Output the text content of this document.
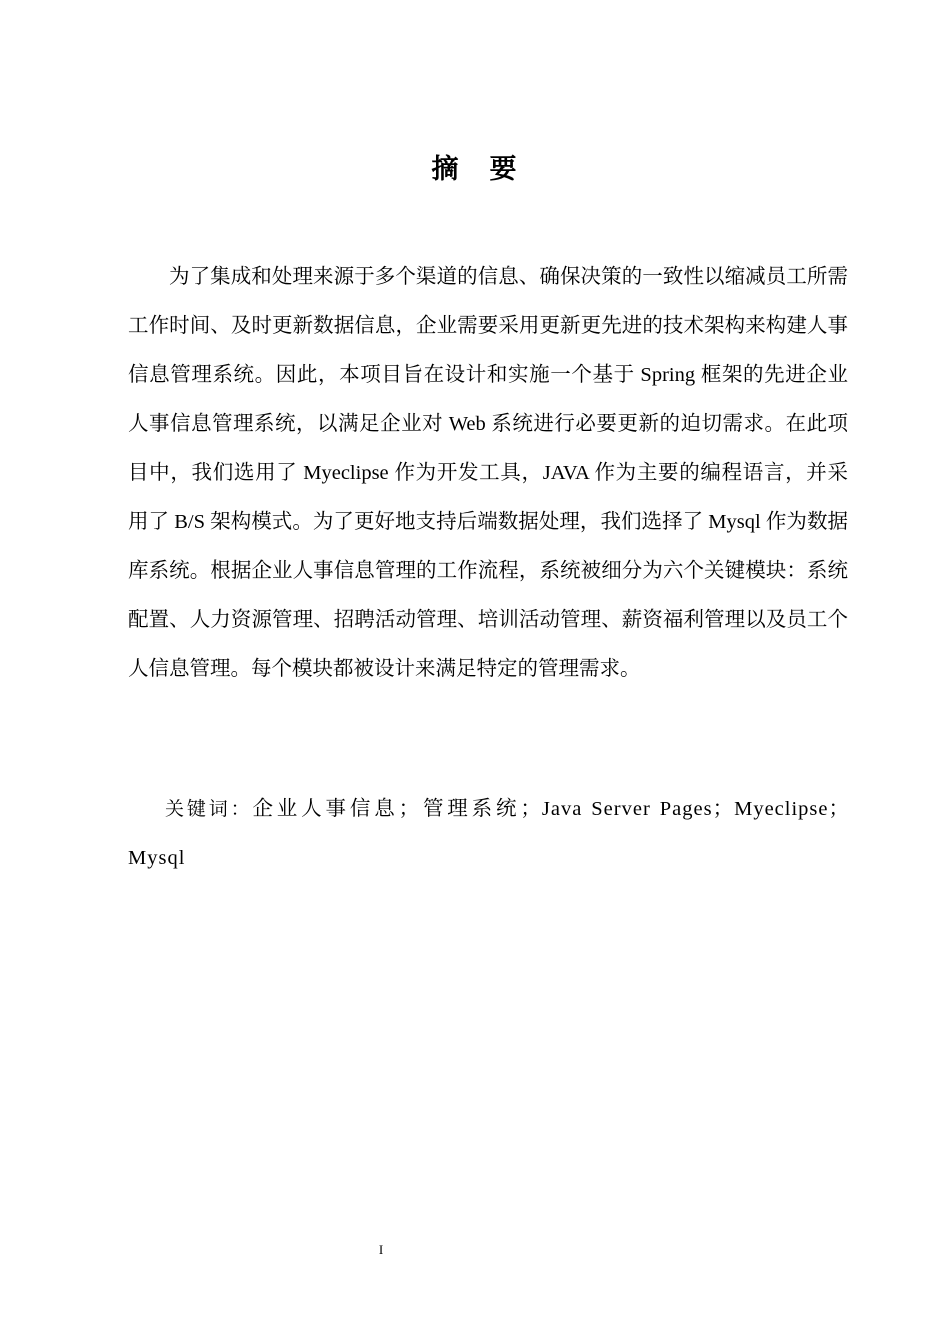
摘　要

为了集成和处理来源于多个渠道的信息、确保决策的一致性以缩减员工所需工作时间、及时更新数据信息，企业需要采用更新更先进的技术架构来构建人事信息管理系统。因此，本项目旨在设计和实施一个基于 Spring 框架的先进企业人事信息管理系统，以满足企业对 Web 系统进行必要更新的迫切需求。在此项目中，我们选用了 Myeclipse 作为开发工具，JAVA 作为主要的编程语言，并采用了 B/S 架构模式。为了更好地支持后端数据处理，我们选择了 Mysql 作为数据库系统。根据企业人事信息管理的工作流程，系统被细分为六个关键模块：系统配置、人力资源管理、招聘活动管理、培训活动管理、薪资福利管理以及员工个人信息管理。每个模块都被设计来满足特定的管理需求。

关键词：企业人事信息；管理系统；Java Server Pages；Myeclipse；Mysql

I
